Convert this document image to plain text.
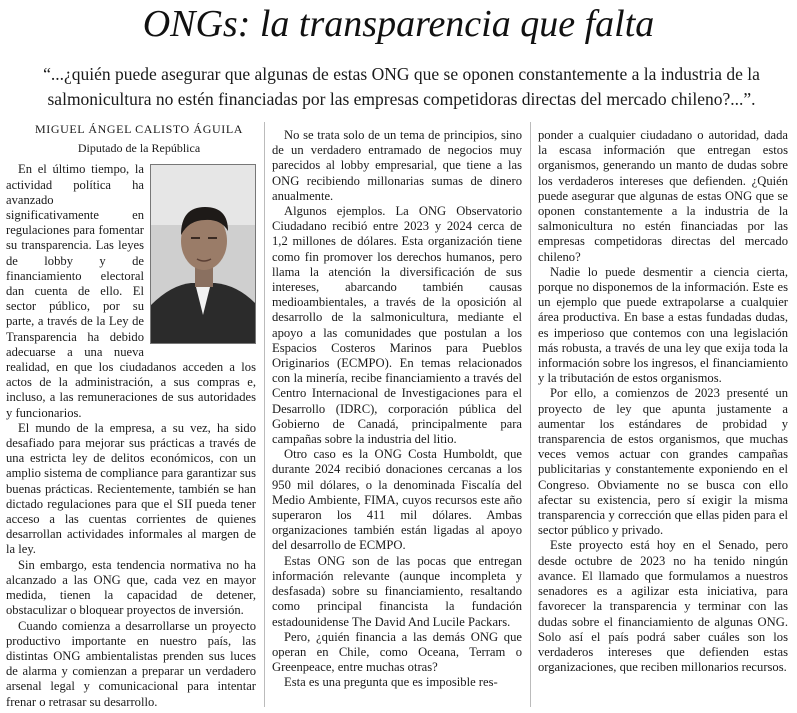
ONGs: la transparencia que falta

“...¿quién puede asegurar que algunas de estas ONG que se oponen constantemente a la industria de la salmonicultura no estén financiadas por las empresas competidoras directas del mercado chileno?...”.

MIGUEL ÁNGEL CALISTO ÁGUILA
Diputado de la República

En el último tiempo, la actividad política ha avanzado significativamente en regulaciones para fomentar su transparencia. Las leyes de lobby y de financiamiento electoral dan cuenta de ello. El sector público, por su parte, a través de la Ley de Transparencia ha debido adecuarse a una nueva realidad, en que los ciudadanos acceden a los actos de la administración, a sus compras e, incluso, a las remuneraciones de sus autoridades y funcionarios.

El mundo de la empresa, a su vez, ha sido desafiado para mejorar sus prácticas a través de una estricta ley de delitos económicos, con un amplio sistema de compliance para garantizar sus buenas prácticas. Recientemente, también se han dictado regulaciones para que el SII pueda tener acceso a las cuentas corrientes de quienes desarrollan actividades informales al margen de la ley.

Sin embargo, esta tendencia normativa no ha alcanzado a las ONG que, cada vez en mayor medida, tienen la capacidad de detener, obstaculizar o bloquear proyectos de inversión.

Cuando comienza a desarrollarse un proyecto productivo importante en nuestro país, las distintas ONG ambientalistas prenden sus luces de alarma y comienzan a preparar un verdadero arsenal legal y comunicacional para intentar frenar o retrasar su desarrollo.

No se trata solo de un tema de principios, sino de un verdadero entramado de negocios muy parecidos al lobby empresarial, que tiene a las ONG recibiendo millonarias sumas de dinero anualmente.

Algunos ejemplos. La ONG Observatorio Ciudadano recibió entre 2023 y 2024 cerca de 1,2 millones de dólares. Esta organización tiene como fin promover los derechos humanos, pero llama la atención la diversificación de sus intereses, abarcando también causas medioambientales, a través de la oposición al desarrollo de la salmonicultura, mediante el apoyo a las comunidades que postulan a los Espacios Costeros Marinos para Pueblos Originarios (ECMPO). En temas relacionados con la minería, recibe financiamiento a través del Centro Internacional de Investigaciones para el Desarrollo (IDRC), corporación pública del Gobierno de Canadá, principalmente para campañas sobre la industria del litio.

Otro caso es la ONG Costa Humboldt, que durante 2024 recibió donaciones cercanas a los 950 mil dólares, o la denominada Fiscalía del Medio Ambiente, FIMA, cuyos recursos este año superaron los 411 mil dólares. Ambas organizaciones también están ligadas al apoyo del desarrollo de ECMPO.

Estas ONG son de las pocas que entregan información relevante (aunque incompleta y desfasada) sobre su financiamiento, resaltando como principal financista la fundación estadounidense The David And Lucile Packars.

Pero, ¿quién financia a las demás ONG que operan en Chile, como Oceana, Terram o Greenpeace, entre muchas otras?

Esta es una pregunta que es imposible res-

ponder a cualquier ciudadano o autoridad, dada la escasa información que entregan estos organismos, generando un manto de dudas sobre los verdaderos intereses que defienden. ¿Quién puede asegurar que algunas de estas ONG que se oponen constantemente a la industria de la salmonicultura no estén financiadas por las empresas competidoras directas del mercado chileno?

Nadie lo puede desmentir a ciencia cierta, porque no disponemos de la información. Este es un ejemplo que puede extrapolarse a cualquier área productiva. En base a estas fundadas dudas, es imperioso que contemos con una legislación más robusta, a través de una ley que exija toda la información sobre los ingresos, el financiamiento y la tributación de estos organismos.

Por ello, a comienzos de 2023 presenté un proyecto de ley que apunta justamente a aumentar los estándares de probidad y transparencia de estos organismos, que muchas veces vemos actuar con grandes campañas publicitarias y constantemente exponiendo en el Congreso. Obviamente no se busca con ello afectar su existencia, pero sí exigir la misma transparencia y corrección que ellas piden para el sector público y privado.

Este proyecto está hoy en el Senado, pero desde octubre de 2023 no ha tenido ningún avance. El llamado que formulamos a nuestros senadores es a agilizar esta iniciativa, para favorecer la transparencia y terminar con las dudas sobre el financiamiento de algunas ONG. Solo así el país podrá saber cuáles son los verdaderos intereses que defienden estas organizaciones, que reciben millonarios recursos.
